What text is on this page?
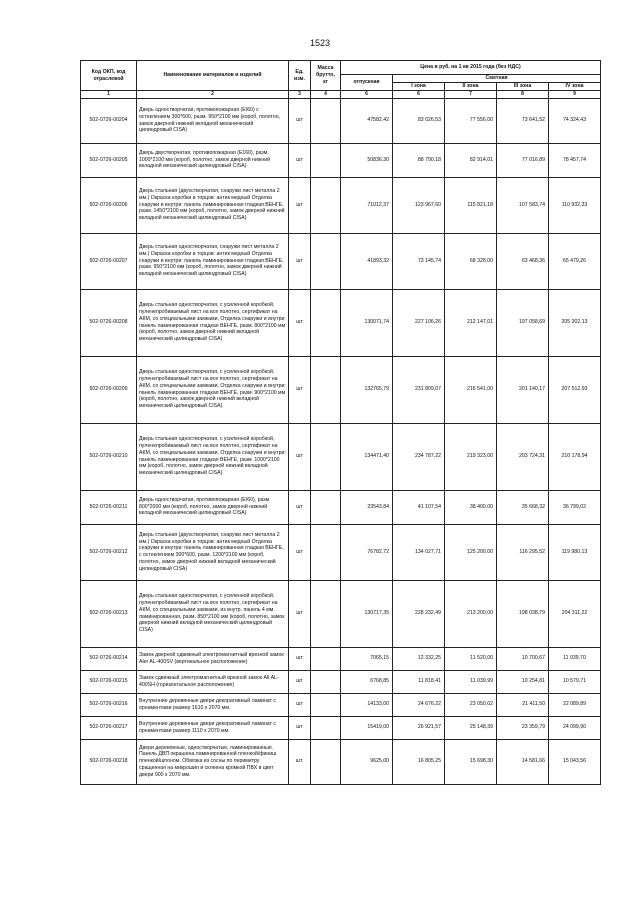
1523
Код ОКП, код отраслевой	Наименование материалов и изделий	Ед. изм.	Масса брутто, кг	Цена в руб. на 1 кв 2015 года (без НДС)				
				отпускная	Сметная			
					I зона	II зона	III зона	IV зона
1	2	3	4	6	6	7	8	9
502-0726-00204	Дверь одностворчатая, противопожарная (EI60) с остеклением 300*600, разм. 950*2100 мм (короб, полотно, замок дверной нижний вкладной механический цилиндровый CISA)	шт		47582,42	83 026,53	77 556,00	73 641,52	74 324,43
502-0726-00205	Дверь двустворчатая, противопожарная (Е160), разм. 1000*2100 мм (короб, полотно, замок дверной нижний вкладной механический цилиндровый CISA)	шт		50836,30	88 790,18	82 914,01	77 016,89	78 457,74
502-0726-00206	Дверь стальная (двухстворчатая, снаружи лист металла 2 мм.) Окраска коробки и торцов: антик медный Отделка снаружи и внутри: панель ламинированная гладкая ВЕНГЕ, разм. 1450*2100 мм (короб, полотно, замок дверной нижний вкладной механический цилиндровый CISA)	шт		71012,37	123 967,60	115 821,18	107 583,74	110 932,33
502-0726-00207	Дверь стальная одностворчатая, снаружи лист металла 2 мм.) Окраска коробки и торцов: антик медный Отделка снаружи и внутри: панель ламинированная гладкая ВЕНГЕ, разм. 950*2100 мм (короб, полотно, замок дверной нижний вкладной механический цилиндровый CISA)	шт		41893,32	73 145,74	68 328,00	63 468,36	65 479,26
502-0726-00208	Дверь стальная одностворчатая, с усиленной коробкой, пуленепробиваемый лист на все полотно, сертификат на АКМ, со специальными замками, Отделка снаружи и внутри: панель ламинированная гладкая ВЕНГЕ, разм. 800*2100 мм (короб, полотно, замок дверной нижний вкладной механический цилиндровый CISA)	шт		130071,74	227 106,26	212 147,01	197 058,69	205 302,13
502-0726-00209	Дверь стальная одностворчатая, с усиленной коробкой, пуленепробиваемый лист на все полотно, сертификат на АКМ, со специальными замками, Отделка снаружи и внутри: панель ламинированная гладкая ВЕНГЕ, разм. 900*2100 мм (короб, полотно, замок дверной нижний вкладной механический цилиндровый CISA)	шт		132765,79	231 809,07	216 541,00	201 140,17	207 512,93
502-0726-00210	Дверь стальная одностворчатая, с усиленной коробкой, пуленепробиваемый лист на все полотно, сертификат на АКМ, со специальными замками, Отделка снаружи и внутри: панель ламинированная гладкая ВЕНГЕ, разм. 1000*2100 мм (короб, полотно, замок дверной нижний вкладной механический цилиндровый CISA)	шт		134471,40	234 787,22	219 323,00	203 724,31	210 178,94
502-0726-00211	Дверь одностворчатая, противопожарная (EI60), разм. 800*2000 мм (короб, полотно, замок дверной нижний вкладной механический цилиндровый CISA)	шт		23543,84	41 107,54	38 400,00	35 668,32	36 799,02
502-0726-00212	Дверь стальная (двухстворчатая, снаружи лист металла 2 мм.) Окраска коробки и торцов: антик медный Отделка снаружи и внутри: панель ламинированная гладкая ВЕНГЕ, с остеклением 300*600, разм. 1200*2100 мм (короб, полотно, замок дверной нижний вкладной механический цилиндровый CISA)	шт		76782,72	134 027,71	125 200,00	116 295,52	119 980,13
502-0726-00213	Дверь стальная одностворчатая, с усиленной коробкой, пуленепробиваемый лист на все полотно, сертификат на АКМ, со специальными замками, из внутр. панель 4 мм. ламинированная, разм. 850*2100 мм (короб, полотно, замок дверной нижний вкладной механический цилиндровый CISA)	шт		130717,35	228 232,49	213 200,00	198 038,79	204 311,22
502-0726-00214	Замок дверной сдвижный электромагнитный врезной замок Aler AL-400SV (вертикальное расположение)	шт		7065,15	12 332,25	11 520,00	10 700,67	11 039,70
502-0726-00215	Замок сдвижный электромагнитный врезной замок Alt AL-400SH (горизонтальное расположение)	шт		6768,85	11 818,41	11 039,99	10 254,81	10 579,71
502-0726-00216	Внутренние деревянные двери декоративный ламинат с орнаментами размер 1610 х 2070 мм.	шт		14133,00	24 676,22	23 050,02	21 411,50	22 089,89
502-0726-00217	Внутренние деревянные двери декоративный ламинат с орнаментами размер 1110 х 2070 мм.	шт		15419,00	26 921,57	25 148,39	23 359,79	24 099,90
502-0726-00218	Двери деревянные, одностворчатые, ламинированные. Панель ДВП окрашена ламинированной пленкой/финиш пленкой/шпоном. Обвязка из сосны по периметру сращенная на микрошип и склеена кромкой ПВХ в цвет двери 900 х 2070 мм.	шт.		9625,00	16 805,25	15 698,30	14 581,66	15 043,56
